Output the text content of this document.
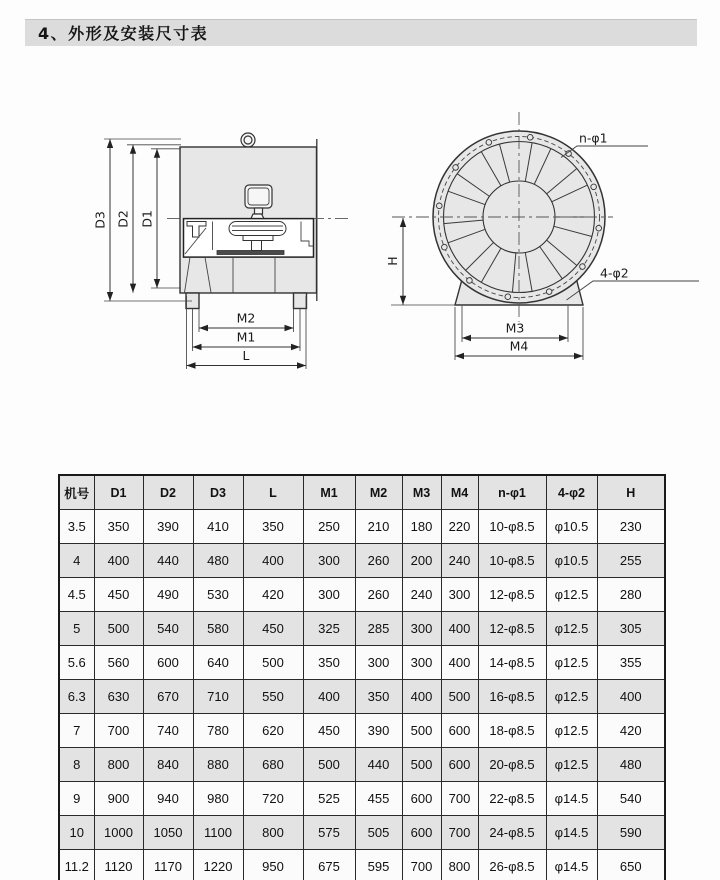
4、外形及安装尺寸表
M2
M1
L
D3 D2 D1
H
M3
M4
n-φ1
4-φ2
机号	D1	D2	D3	L	M1	M2	M3	M4	n-φ1	4-φ2	H
3.5	350	390	410	350	250	210	180	220	10-φ8.5	φ10.5	230
4	400	440	480	400	300	260	200	240	10-φ8.5	φ10.5	255
4.5	450	490	530	420	300	260	240	300	12-φ8.5	φ12.5	280
5	500	540	580	450	325	285	300	400	12-φ8.5	φ12.5	305
5.6	560	600	640	500	350	300	300	400	14-φ8.5	φ12.5	355
6.3	630	670	710	550	400	350	400	500	16-φ8.5	φ12.5	400
7	700	740	780	620	450	390	500	600	18-φ8.5	φ12.5	420
8	800	840	880	680	500	440	500	600	20-φ8.5	φ12.5	480
9	900	940	980	720	525	455	600	700	22-φ8.5	φ14.5	540
10	1000	1050	1100	800	575	505	600	700	24-φ8.5	φ14.5	590
11.2	1120	1170	1220	950	675	595	700	800	26-φ8.5	φ14.5	650
